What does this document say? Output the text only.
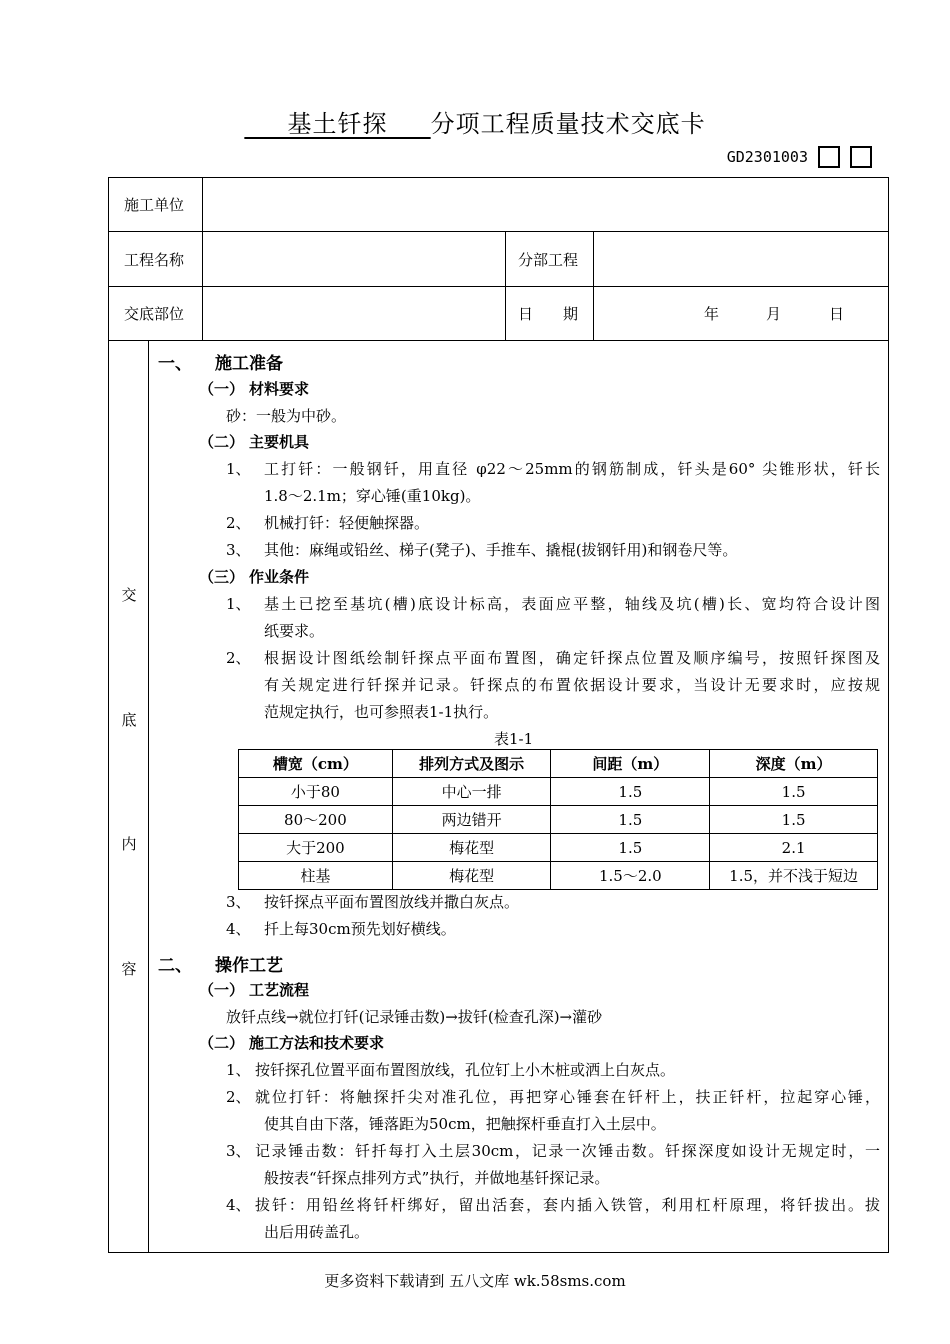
基土钎探 分项工程质量技术交底卡
GD2301003
施工单位
工程名称	分部工程
交底部位	日　　期	年	月	日
交
底
内
容
一、 施工准备
（一） 材料要求
砂：一般为中砂。
（二） 主要机具
1、 工打钎：一般钢钎，用直径 φ22～25mm的钢筋制成，钎头是60° 尖锥形状，钎长
1.8～2.1m；穿心锤(重10kg)。
2、 机械打钎：轻便触探器。
3、 其他：麻绳或铅丝、梯子(凳子)、手推车、撬棍(拔钢钎用)和钢卷尺等。
（三） 作业条件
1、 基土已挖至基坑(槽)底设计标高，表面应平整，轴线及坑(槽)长、宽均符合设计图
纸要求。
2、 根据设计图纸绘制钎探点平面布置图，确定钎探点位置及顺序编号，按照钎探图及
有关规定进行钎探并记录。钎探点的布置依据设计要求，当设计无要求时，应按规
范规定执行，也可参照表1-1执行。
表1-1
槽宽（cm）	排列方式及图示	间距（m）	深度（m）
小于80	中心一排	1.5	1.5
80～200	两边错开	1.5	1.5
大于200	梅花型	1.5	2.1
柱基	梅花型	1.5～2.0	1.5，并不浅于短边
3、 按钎探点平面布置图放线并撒白灰点。
4、 扦上每30cm预先划好横线。
二、 操作工艺
（一） 工艺流程
放钎点线→就位打钎(记录锤击数)→拔钎(检查孔深)→灌砂
（二） 施工方法和技术要求
1、 按钎探孔位置平面布置图放线，孔位钉上小木桩或洒上白灰点。
2、 就位打钎：将触探扦尖对准孔位，再把穿心锤套在钎杆上，扶正钎杆，拉起穿心锤，
使其自由下落，锤落距为50cm，把触探杆垂直打入土层中。
3、 记录锤击数：钎扦每打入土层30cm，记录一次锤击数。钎探深度如设计无规定时，一
般按表“钎探点排列方式”执行，并做地基钎探记录。
4、 拔钎：用铅丝将钎杆绑好，留出活套，套内插入铁管，利用杠杆原理，将钎拔出。拔
出后用砖盖孔。
更多资料下载请到 五八文库 wk.58sms.com
